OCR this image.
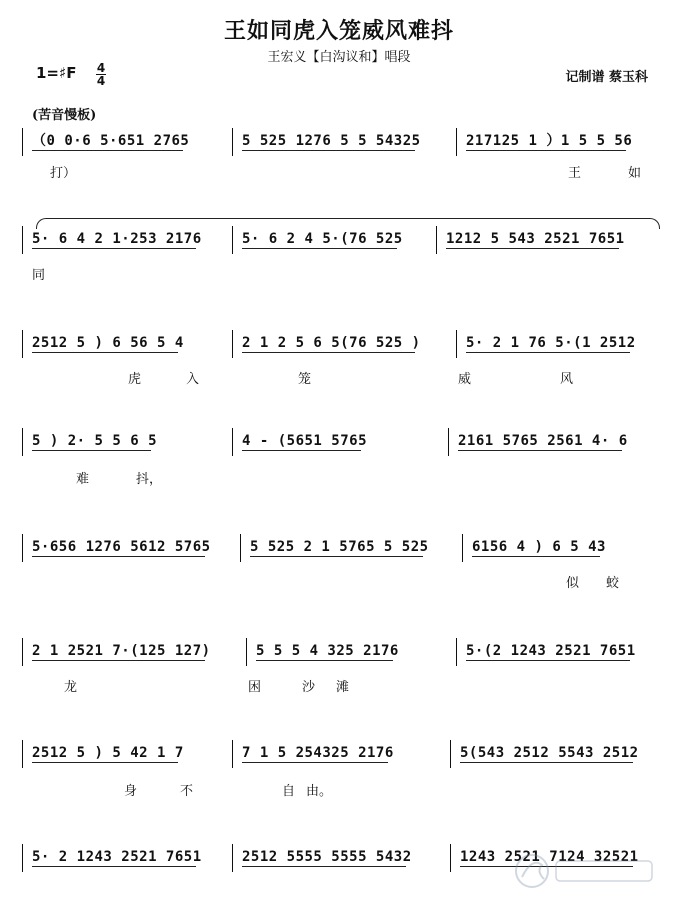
王如同虎入笼威风难抖
王宏义【白沟议和】唱段
1=♯F 4
4	记制谱 蔡玉科
(苦音慢板)
（0 0·6 5·651 2765	5 525 1276 5 5 54325	217125 1 ）1 5 5 56
打）	王	如
5· 6 4 2 1·253 2176	5· 6 2 4 5·(76 525	1212 5 543 2521 7651
同
2512 5 ) 6 56 5 4	2 1 2 5 6 5(76 525 )	5· 2 1 76 5·(1 2512
虎	入	笼	威	风
5 ) 2· 5 5 6 5	4 - (5651 5765	2161 5765 2561 4· 6
难	抖，
5·656 1276 5612 5765	5 525 2 1 5765 5 525	6156 4 ) 6 5 43
似 蛟
2 1 2521 7·(125 127)	5 5 5 4 325 2176	5·(2 1243 2521 7651
龙	困	沙 滩
2512 5 ) 5 42 1 7	7 1 5 254325 2176	5(543 2512 5543 2512
身	不	自 由。
5· 2 1243 2521 7651	2512 5555 5555 5432	1243 2521 7124 32521
